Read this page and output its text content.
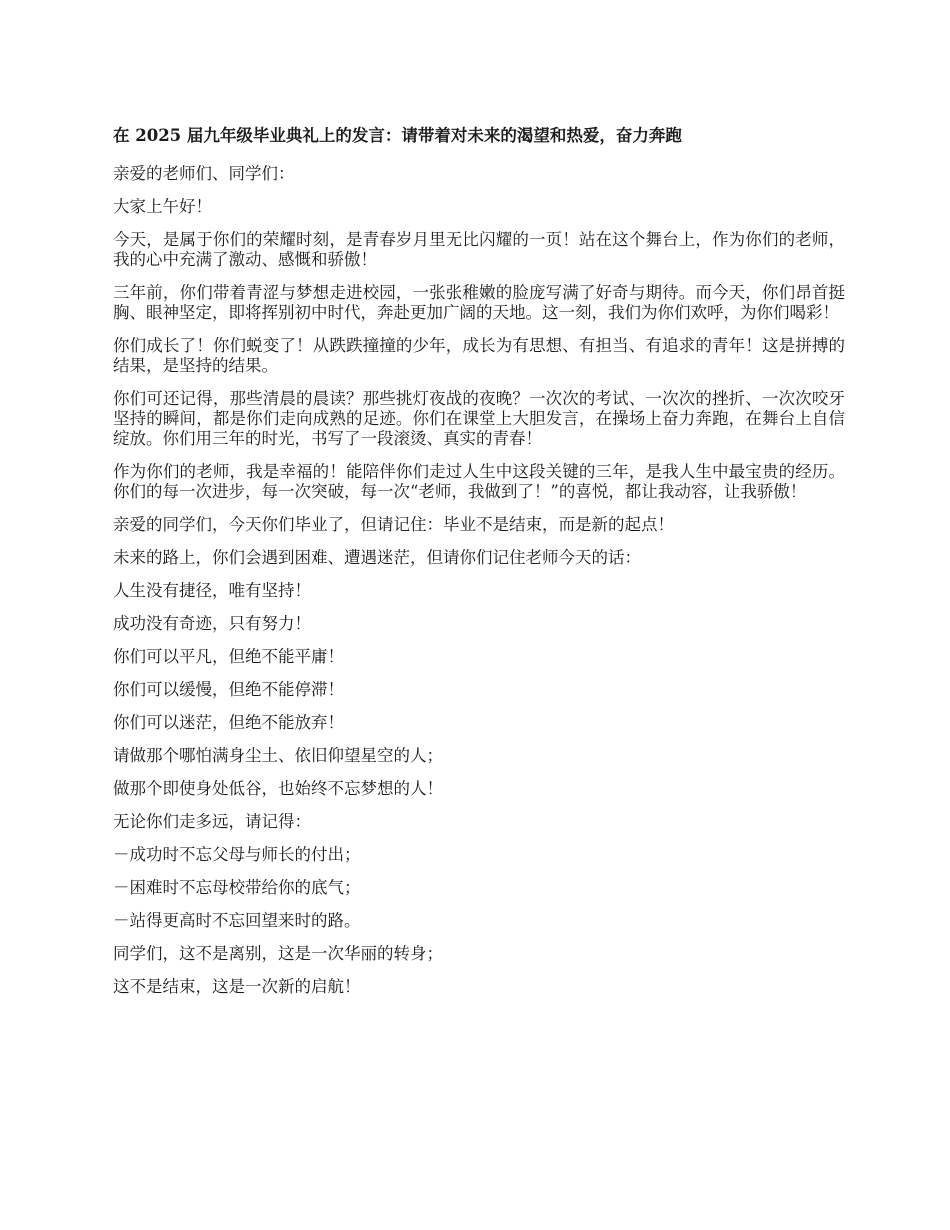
在 2025 届九年级毕业典礼上的发言：请带着对未来的渴望和热爱，奋力奔跑

亲爱的老师们、同学们：

大家上午好！

今天，是属于你们的荣耀时刻，是青春岁月里无比闪耀的一页！站在这个舞台上，作为你们的老师，我的心中充满了激动、感慨和骄傲！

三年前，你们带着青涩与梦想走进校园，一张张稚嫩的脸庞写满了好奇与期待。而今天，你们昂首挺胸、眼神坚定，即将挥别初中时代，奔赴更加广阔的天地。这一刻，我们为你们欢呼，为你们喝彩！

你们成长了！你们蜕变了！从跌跌撞撞的少年，成长为有思想、有担当、有追求的青年！这是拼搏的结果，是坚持的结果。

你们可还记得，那些清晨的晨读？那些挑灯夜战的夜晚？一次次的考试、一次次的挫折、一次次咬牙坚持的瞬间，都是你们走向成熟的足迹。你们在课堂上大胆发言，在操场上奋力奔跑，在舞台上自信绽放。你们用三年的时光，书写了一段滚烫、真实的青春！

作为你们的老师，我是幸福的！能陪伴你们走过人生中这段关键的三年，是我人生中最宝贵的经历。你们的每一次进步，每一次突破，每一次“老师，我做到了！”的喜悦，都让我动容，让我骄傲！

亲爱的同学们，今天你们毕业了，但请记住：毕业不是结束，而是新的起点！

未来的路上，你们会遇到困难、遭遇迷茫，但请你们记住老师今天的话：

人生没有捷径，唯有坚持！

成功没有奇迹，只有努力！

你们可以平凡，但绝不能平庸！

你们可以缓慢，但绝不能停滞！

你们可以迷茫，但绝不能放弃！

请做那个哪怕满身尘土、依旧仰望星空的人；

做那个即使身处低谷，也始终不忘梦想的人！

无论你们走多远，请记得：

－成功时不忘父母与师长的付出；

－困难时不忘母校带给你的底气；

－站得更高时不忘回望来时的路。

同学们，这不是离别，这是一次华丽的转身；

这不是结束，这是一次新的启航！
